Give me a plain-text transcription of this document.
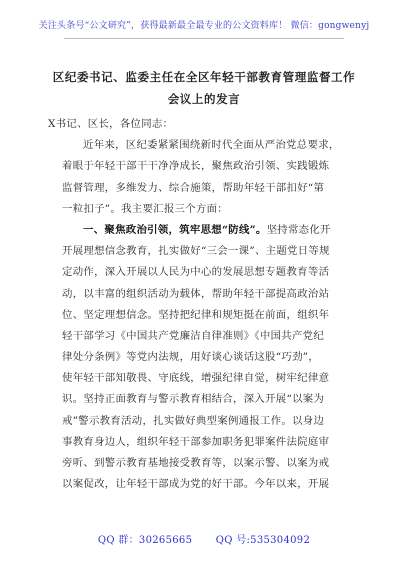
关注头条号“公文研究”，获得最新最全最专业的公文资料库！ 微信：gongwenyj
区纪委书记、监委主任在全区年轻干部教育管理监督工作
会议上的发言
X书记、区长，各位同志：
近年来，区纪委紧紧围绕新时代全面从严治党总要求，
着眼于年轻干部干干净净成长，聚焦政治引领、实践锻炼
监督管理，多维发力、综合施策，帮助年轻干部扣好“第
一粒扣子”。我主要汇报三个方面：
一、聚焦政治引领，筑牢思想“防线”。坚持常态化开
开展理想信念教育，扎实做好“三会一课”、主题党日等规
定动作，深入开展以人民为中心的发展思想专题教育等活
动，以丰富的组织活动为载体，帮助年轻干部提高政治站
位、坚定理想信念。坚持把纪律和规矩挺在前面，组织年
轻干部学习《中国共产党廉洁自律准则》《中国共产党纪
律处分条例》等党内法规，用好谈心谈话这股“巧劲”，
使年轻干部知敬畏、守底线，增强纪律自觉，树牢纪律意
识。坚持正面教育与警示教育相结合，深入开展“以案为
戒”警示教育活动，扎实做好典型案例通报工作。以身边
事教育身边人，组织年轻干部参加职务犯罪案件法院庭审
旁听、到警示教育基地接受教育等，以案示警、以案为戒
以案促改，让年轻干部成为党的好干部。今年以来，开展
QQ 群：30265665 QQ 号:535304092
